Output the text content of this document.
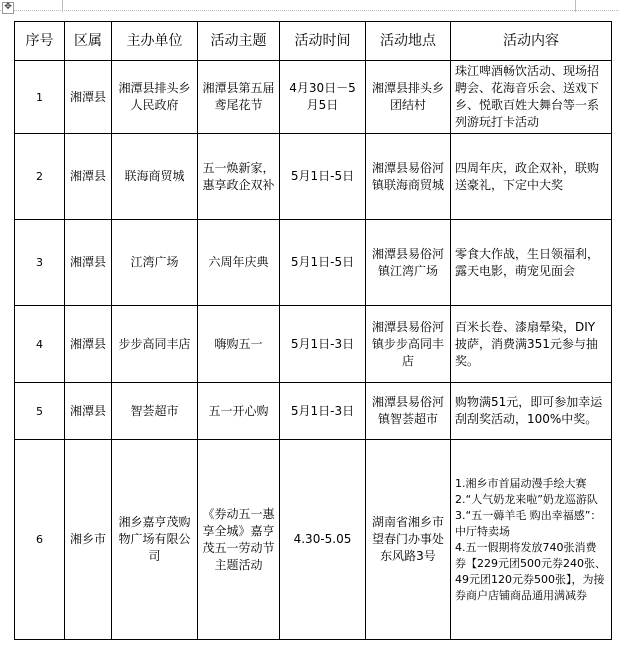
✥
序号	区属	主办单位	活动主题	活动时间	活动地点	活动内容
1	湘潭县	湘潭县排头乡人民政府	湘潭县第五届鸢尾花节	4月30日－5月5日	湘潭县排头乡团结村	珠江啤酒畅饮活动、现场招聘会、花海音乐会、送戏下乡、悦歌百姓大舞台等一系列游玩打卡活动
2	湘潭县	联海商贸城	五一焕新家，惠享政企双补	5月1日-5日	湘潭县易俗河镇联海商贸城	四周年庆，政企双补，联购送豪礼，下定中大奖
3	湘潭县	江湾广场	六周年庆典	5月1日-5日	湘潭县易俗河镇江湾广场	零食大作战，生日领福利，露天电影，萌宠见面会
4	湘潭县	步步高同丰店	嗨购五一	5月1日-3日	湘潭县易俗河镇步步高同丰店	百米长卷、漆扇晕染，DIY披萨，消费满351元参与抽奖。
5	湘潭县	智荟超市	五一开心购	5月1日-3日	湘潭县易俗河镇智荟超市	购物满51元，即可参加幸运刮刮奖活动，100%中奖。
6	湘乡市	湘乡嘉亨茂购物广场有限公司	《券动五一惠享全城》嘉亨茂五一劳动节主题活动	4.30-5.05	湖南省湘乡市望春门办事处东风路3号	1.湘乡市首届动漫手绘大赛
2.“人气奶龙来啦”奶龙巡游队
3.“五一薅羊毛 购出幸福感”：中厅特卖场
4.五一假期将发放740张消费券【229元团500元券240张、49元团120元券500张】，为接券商户店铺商品通用满减券
